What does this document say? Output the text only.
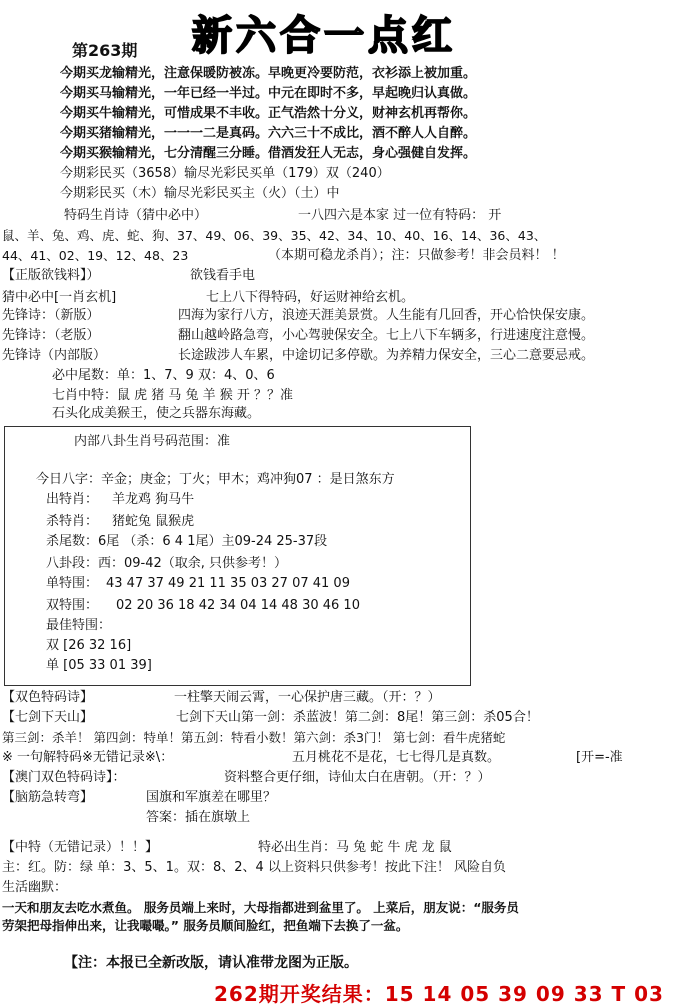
第263期 新六合一点红
今期买龙输精光，注意保暖防被冻。早晚更冷要防范，衣衫添上被加重。
今期买马输精光，一年已经一半过。中元在即时不多，早起晚归认真做。
今期买牛输精光，可惜成果不丰收。正气浩然十分义，财神玄机再帮你。
今期买猪输精光，一一一二是真码。六六三十不成比，酒不醉人人自醉。
今期买猴输精光，七分清醒三分睡。借酒发狂人无志，身心强健自发挥。
今期彩民买（3658）输尽光彩民买单（179）双（240）
今期彩民买（木）输尽光彩民买主（火）（土）中
特码生肖诗（猜中必中）	一八四六是本家 过一位有特码： 开
鼠、羊、兔、鸡、虎、蛇、狗、37、49、06、39、35、42、34、10、40、16、14、36、43、
44、41、02、19、12、48、23	（本期可稳龙杀肖）；注：只做参考！非会员料！ ！
【正版欲钱料】）	欲钱看手电
猜中必中[一肖玄机]	七上八下得特码，好运财神给玄机。
先锋诗：（新版）	四海为家行八方，浪迹天涯美景赏。人生能有几回香，开心恰快保安康。
先锋诗：（老版）	翻山越岭路急弯，小心驾驶保安全。七上八下车辆多，行进速度注意慢。
先锋诗（内部版）	长途跋涉人车累，中途切记多停歇。为养精力保安全，三心二意要忌戒。
必中尾数：单：1、7、9 双：4、0、6
七肖中特：鼠 虎 猪 马 兔 羊 猴 开 ？？准
石头化成美猴王，使之兵器东海藏。
内部八卦生肖号码范围：准
今日八字：辛金；庚金；丁火；甲木；鸡冲狗07 ：是日煞东方
出特肖： 羊龙鸡 狗马牛
杀特肖： 猪蛇兔 鼠猴虎
杀尾数：6尾 （杀：6 4 1尾）主09-24 25-37段
八卦段：西：09-42（取余, 只供参考！）
单特围： 43 47 37 49 21 11 35 03 27 07 41 09
双特围： 02 20 36 18 42 34 04 14 48 30 46 10
最佳特围：
双 [26 32 16]
单 [05 33 01 39]
【双色特码诗】	一柱擎天闹云霄，一心保护唐三藏。（开：？）
【七剑下天山】	七剑下天山第一剑：杀蓝波！第二剑：8尾！第三剑：杀05合！
第三剑：杀羊！ 第四剑：特单！第五剑：特看小数！第六剑：杀3门！ 第七剑：看牛虎猪蛇
※ 一句解特码※无错记录※\：	五月桃花不是花，七七得几是真数。	[开=-准
【澳门双色特码诗】：	资料整合更仔细，诗仙太白在唐朝。（开：？）
【脑筋急转弯】	国旗和军旗差在哪里？
答案：插在旗墩上
【中特（无错记录）！！】	特必出生肖：马 兔 蛇 牛 虎 龙 鼠
主：红。防：绿 单：3、5、1。双：8、2、4 以上资料只供参考！按此下注！ 风险自负
生活幽默：
一天和朋友去吃水煮鱼。 服务员端上来时，大母指都进到盆里了。 上菜后，朋友说：“服务员
劳架把母指伸出来，让我嘬嘬。” 服务员顺间脸红，把鱼端下去换了一盆。
【注：本报已全新改版，请认准带龙图为正版。
262期开奖结果：15 14 05 39 09 33 T 03
